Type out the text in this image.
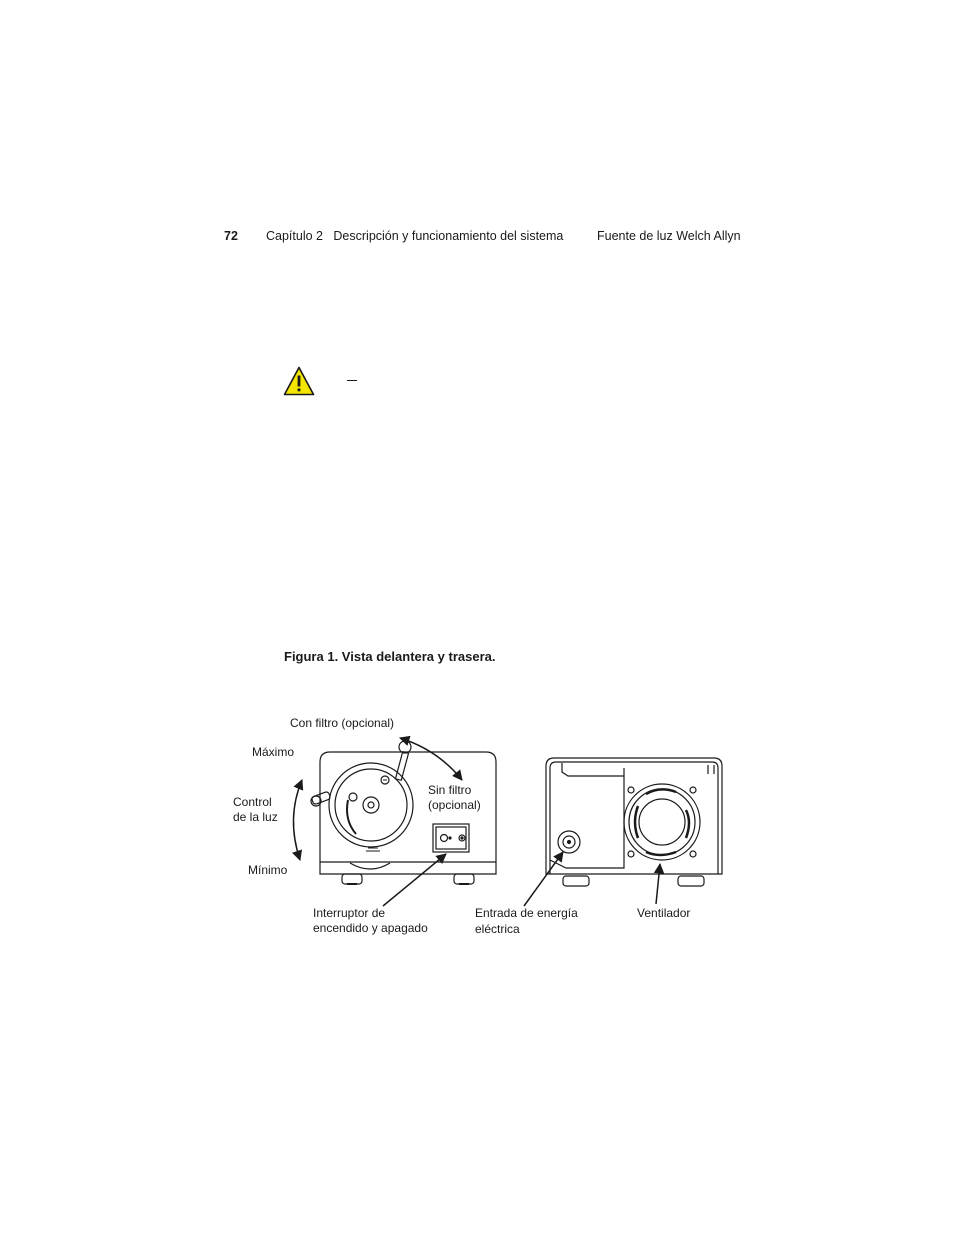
72 Capítulo 2   Descripción y funcionamiento del sistema	Fuente de luz Welch Allyn
Figura 1. Vista delantera y trasera.
Con filtro (opcional)
Máximo
Control
de la luz
Mínimo
Sin filtro
(opcional)
Interruptor de
encendido y apagado
Entrada de energía
eléctrica
Ventilador
